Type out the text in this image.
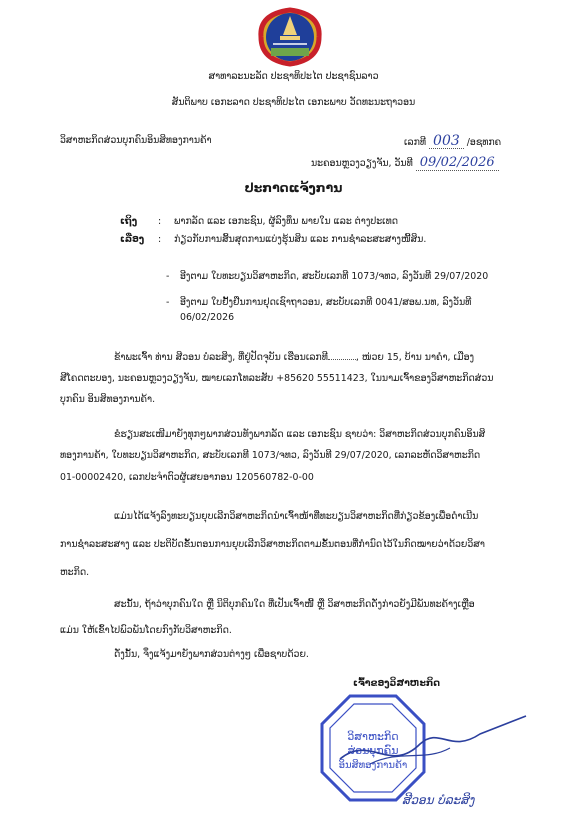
ສາທາລະນະລັດ ປະຊາທິປະໄຕ ປະຊາຊົນລາວ
ສັນຕິພາບ ເອກະລາດ ປະຊາທິປະໄຕ ເອກະພາບ ວັດທະນະຖາວອນ
ວິສາຫະກິດສ່ວນບຸກຄົນອິນສິທອງການຄ້າ	ເລກທີ 003 /ອຊທກຄ
ນະຄອນຫຼວງວຽງຈັນ, ວັນທີ 09/02/2026
ປະກາດແຈ້ງການ
ເຖິງ : ພາກລັດ ແລະ ເອກະຊົນ, ຜູ້ລົງທຶນ ພາຍໃນ ແລະ ຕ່າງປະເທດ
ເລື່ອງ : ກ່ຽວກັບການສິ້ນສຸດການແບ່ງຮຸ້ນສິນ ແລະ ການຊໍາລະສະສາງໜີ້ສິນ.
- ອີງຕາມ ໃບທະບຽນວິສາຫະກິດ, ສະບັບເລກທີ 1073/ຈທວ, ລົງວັນທີ 29/07/2020
- ອີງຕາມ ໃບຢັ້ງຢືນການຢຸດເຊົາຖາວອນ, ສະບັບເລກທີ 0041/ສອພ.ນທ, ລົງວັນທີ
06/02/2026
ຂ້າພະເຈົ້າ ທ່ານ ສີວອນ ບໍລະສິງ, ທີ່ຢູ່ປັດຈຸບັນ ເຮືອນເລກທີ	, ໜ່ວຍ 15, ບ້ານ ນາຄໍາ, ເມືອງ
ສີໂຄດຕະບອງ, ນະຄອນຫຼວງວຽງຈັນ, ໝາຍເລກໂທລະສັບ +85620 55511423, ໃນນາມເຈົ້າຂອງວິສາຫະກິດສ່ວນ
ບຸກຄົນ ອິນສິທອງການຄ້າ.
ຂໍຮຽນສະເໜີມາຍັງທຸກໆພາກສ່ວນທັງພາກລັດ ແລະ ເອກະຊົນ ຊາບວ່າ: ວິສາຫະກິດສ່ວນບຸກຄົນອິນສິ
ທອງການຄ້າ, ໃບທະບຽນວິສາຫະກິດ, ສະບັບເລກທີ 1073/ຈທວ, ລົງວັນທີ 29/07/2020, ເລກລະຫັດວິສາຫະກິດ
01-00002420, ເລກປະຈໍາຕົວຜູ້ເສຍອາກອນ 120560782-0-00
ແມ່ນໄດ້ແຈ້ງລົງທະບຽນຍຸບເລີກວິສາຫະກິດນໍາເຈົ້າໜ້າທີ່ທະບຽນວິສາຫະກິດທີ່ກ່ຽວຂ້ອງເພື່ອດໍາເນີນ
ການຊໍາລະສະສາງ ແລະ ປະຕິບັດຂັ້ນຕອນການຍຸບເລີກວິສາຫະກິດຕາມຂັ້ນຕອນທີ່ກໍານົດໄວ້ໃນກົດໝາຍວ່າດ້ວຍວິສາ
ຫະກິດ.
ສະນັ້ນ, ຖ້າວ່າບຸກຄົນໃດ ຫຼື ນິຕິບຸກຄົນໃດ ທີ່ເປັນເຈົ້າໜີ້ ຫຼື ວິສາຫະກິດດັ່ງກ່າວຍັງມີພັນທະຄ້າງເຫຼືອ
ແມ່ນ ໃຫ້ເຂົ້າໄປພົວພັນໂດຍກົງກັບວິສາຫະກິດ.
ດັ່ງນັ້ນ, ຈຶ່ງແຈ້ງມາຍັງພາກສ່ວນຕ່າງໆ ເພື່ອຊາບດ້ວຍ.
ເຈົ້າຂອງວິສາຫະກິດ
ວິສາຫະກິດ
ສ່ວນບຸກຄົນ
ອິນສິທອງການຄ້າ
ສີວອນ ບໍລະສິງ
